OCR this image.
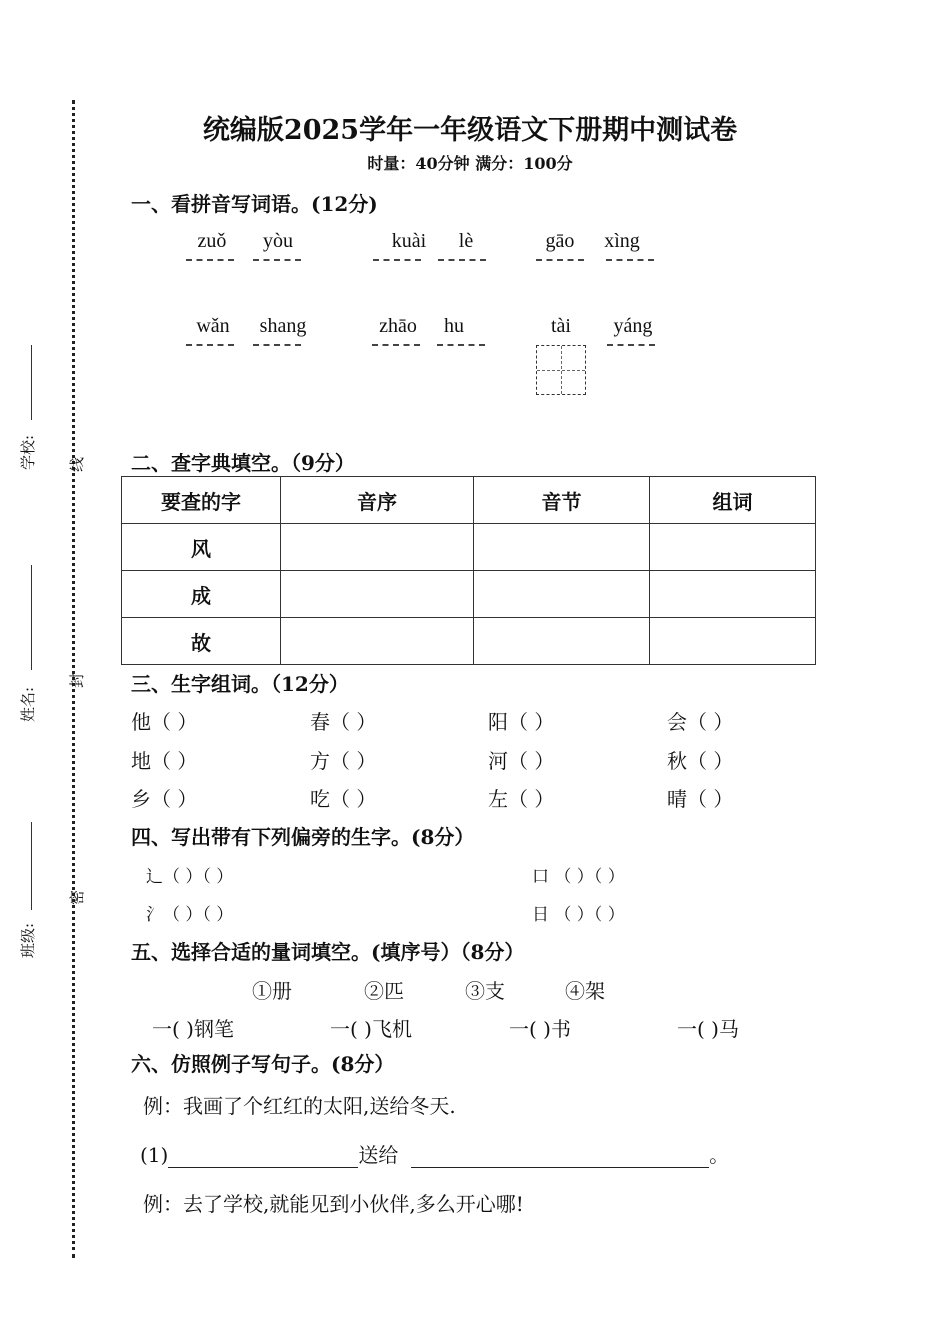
学校:
姓名:
班级:
线
封
密
统编版2025学年一年级语文下册期中测试卷
时量：40分钟 满分：100分
一、看拼音写词语。(12分)
zuǒ	yòu	kuài	lè	gāo	xìng
wǎn	shang	zhāo	hu	tài	yáng
二、查字典填空。（9分）
要查的字	音序	音节	组词
风			
成			
故			
三、生字组词。（12分）
他（ ）	春（ ）	阳（ ）	会（ ）
地（ ）	方（ ）	河（ ）	秋（ ）
乡（ ）	吃（ ）	左（ ）	晴（ ）
四、写出带有下列偏旁的生字。(8分）
辶（ ）（ ）	口 （ ）（ ）
氵（ ）（ ）	日 （ ）（ ）
五、选择合适的量词填空。(填序号）（8分）
①册	②匹	③支	④架
一( )钢笔	一( )飞机	一( )书	一( )马
六、仿照例子写句子。(8分）
例：我画了个红红的太阳,送给冬天.
(1)	送给	。
例：去了学校,就能见到小伙伴,多么开心哪!
